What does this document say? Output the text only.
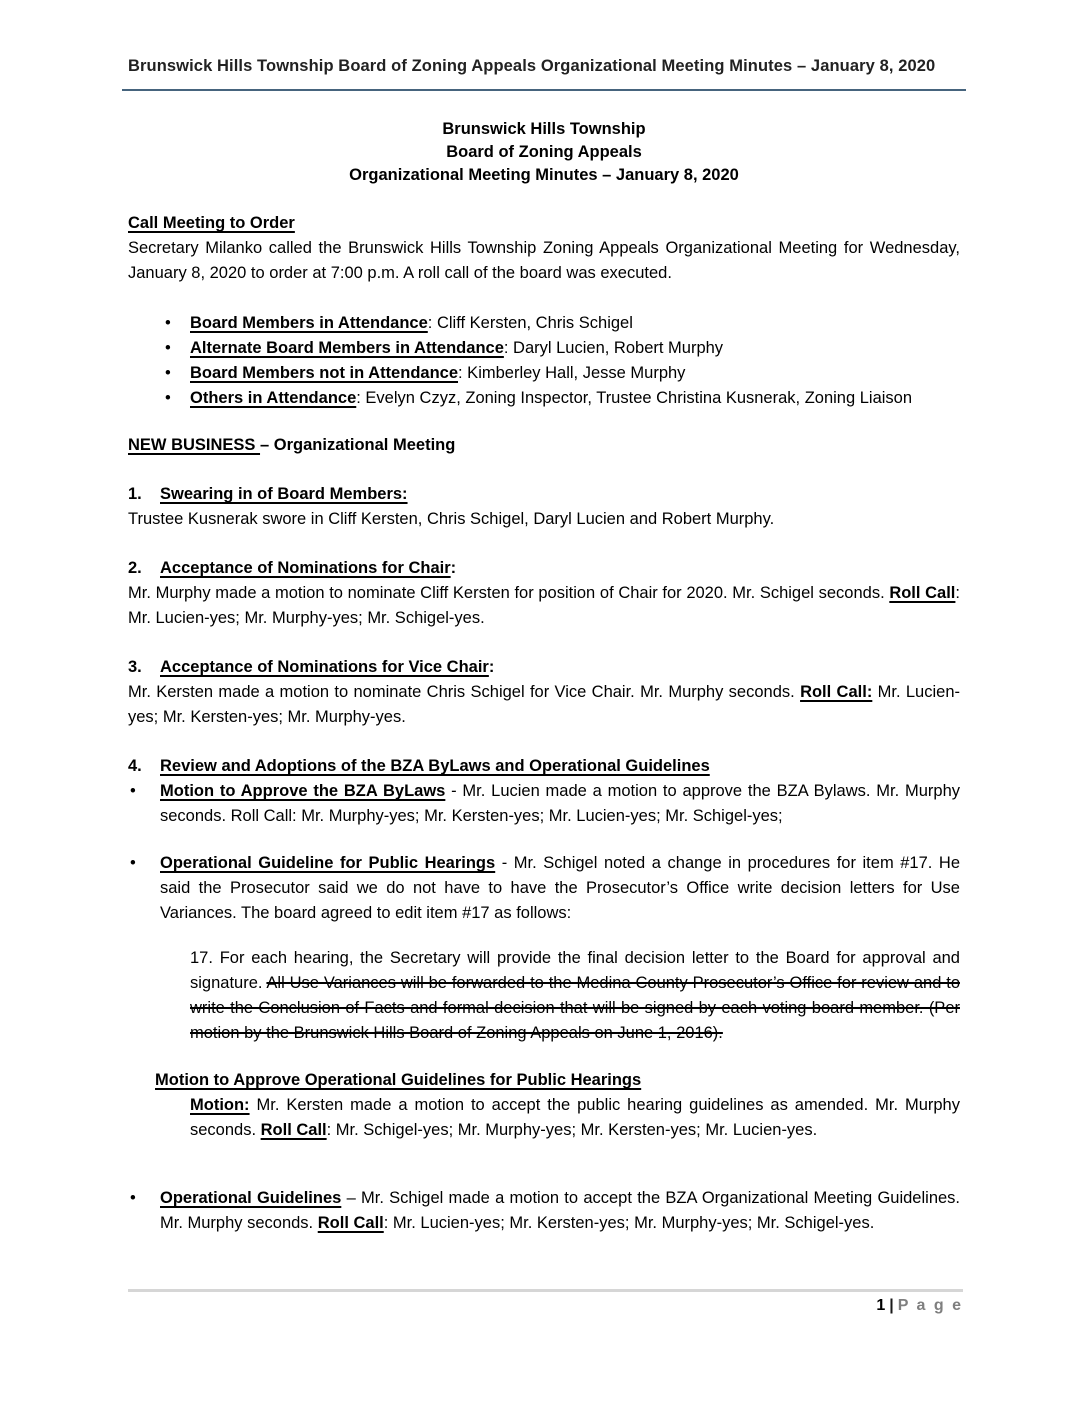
Brunswick Hills Township Board of Zoning Appeals Organizational Meeting Minutes – January 8, 2020
Brunswick Hills Township
Board of Zoning Appeals
Organizational Meeting Minutes – January 8, 2020
Call Meeting to Order
Secretary Milanko called the Brunswick Hills Township Zoning Appeals Organizational Meeting for Wednesday, January 8, 2020 to order at 7:00 p.m. A roll call of the board was executed.
• Board Members in Attendance: Cliff Kersten, Chris Schigel
• Alternate Board Members in Attendance: Daryl Lucien, Robert Murphy
• Board Members not in Attendance: Kimberley Hall, Jesse Murphy
• Others in Attendance: Evelyn Czyz, Zoning Inspector, Trustee Christina Kusnerak, Zoning Liaison
NEW BUSINESS – Organizational Meeting
1. Swearing in of Board Members:
Trustee Kusnerak swore in Cliff Kersten, Chris Schigel, Daryl Lucien and Robert Murphy.
2. Acceptance of Nominations for Chair:
Mr. Murphy made a motion to nominate Cliff Kersten for position of Chair for 2020. Mr. Schigel seconds. Roll Call: Mr. Lucien-yes; Mr. Murphy-yes; Mr. Schigel-yes.
3. Acceptance of Nominations for Vice Chair:
Mr. Kersten made a motion to nominate Chris Schigel for Vice Chair. Mr. Murphy seconds. Roll Call: Mr. Lucien-yes; Mr. Kersten-yes; Mr. Murphy-yes.
4. Review and Adoptions of the BZA ByLaws and Operational Guidelines
• Motion to Approve the BZA ByLaws - Mr. Lucien made a motion to approve the BZA Bylaws. Mr. Murphy seconds. Roll Call: Mr. Murphy-yes; Mr. Kersten-yes; Mr. Lucien-yes; Mr. Schigel-yes;
• Operational Guideline for Public Hearings - Mr. Schigel noted a change in procedures for item #17. He said the Prosecutor said we do not have to have the Prosecutor’s Office write decision letters for Use Variances. The board agreed to edit item #17 as follows:
17. For each hearing, the Secretary will provide the final decision letter to the Board for approval and signature. All Use Variances will be forwarded to the Medina County Prosecutor’s Office for review and to write the Conclusion of Facts and formal decision that will be signed by each voting board member. (Per motion by the Brunswick Hills Board of Zoning Appeals on June 1, 2016).
Motion to Approve Operational Guidelines for Public Hearings
Motion: Mr. Kersten made a motion to accept the public hearing guidelines as amended. Mr. Murphy seconds. Roll Call: Mr. Schigel-yes; Mr. Murphy-yes; Mr. Kersten-yes; Mr. Lucien-yes.
• Operational Guidelines – Mr. Schigel made a motion to accept the BZA Organizational Meeting Guidelines. Mr. Murphy seconds. Roll Call: Mr. Lucien-yes; Mr. Kersten-yes; Mr. Murphy-yes; Mr. Schigel-yes.
1 | P a g e
